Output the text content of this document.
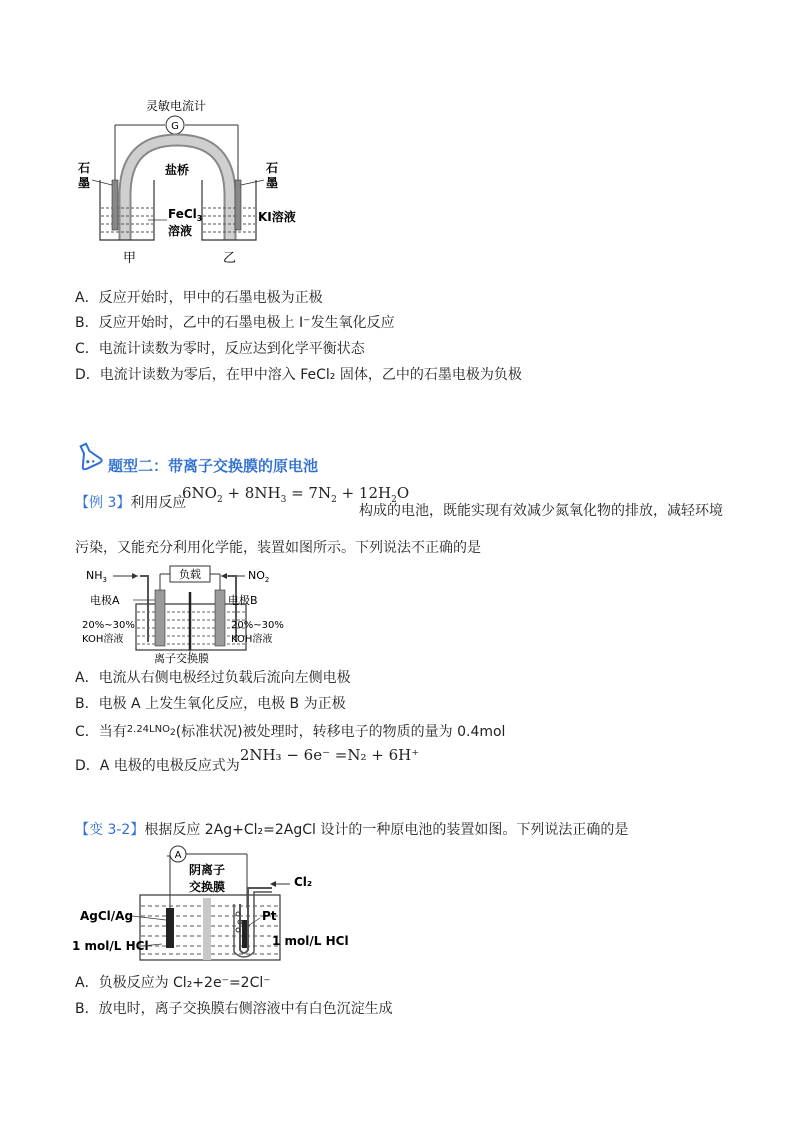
灵敏电流计
G
盐桥
石
墨
石
墨
FeCl$_3$
溶液
KI溶液
甲	乙
A．反应开始时，甲中的石墨电极为正极
B．反应开始时，乙中的石墨电极上 I⁻发生氧化反应
C．电流计读数为零时，反应达到化学平衡状态
D．电流计读数为零后，在甲中溶入 FeCl₂ 固体，乙中的石墨电极为负极
题型二：带离子交换膜的原电池
【例 3】利用反应
$6NO_2 + 8NH_3 = 7N_2 + 12H_2O$
构成的电池，既能实现有效减少氮氧化物的排放，减轻环境
污染，又能充分利用化学能，装置如图所示。下列说法不正确的是
$NH_3$	$NO_2$
负载
电极A	电极B
20%~30%
KOH溶液
20%~30%
KOH溶液
离子交换膜
A．电流从右侧电极经过负载后流向左侧电极
B．电极 A 上发生氧化反应，电极 B 为正极
C．当有$^{2.24LNO_2}$(标准状况)被处理时，转移电子的物质的量为 0.4mol
D．A 电极的电极反应式为2NH₃ − 6e⁻ =N₂ + 6H⁺
【变 3-2】根据反应 2Ag+Cl₂=2AgCl 设计的一种原电池的装置如图。下列说法正确的是
A
阴离子
交换膜	Cl₂
AgCl/Ag	Pt
1 mol/L HCl	1 mol/L HCl
A．负极反应为 Cl₂+2e⁻=2Cl⁻
B．放电时，离子交换膜右侧溶液中有白色沉淀生成
